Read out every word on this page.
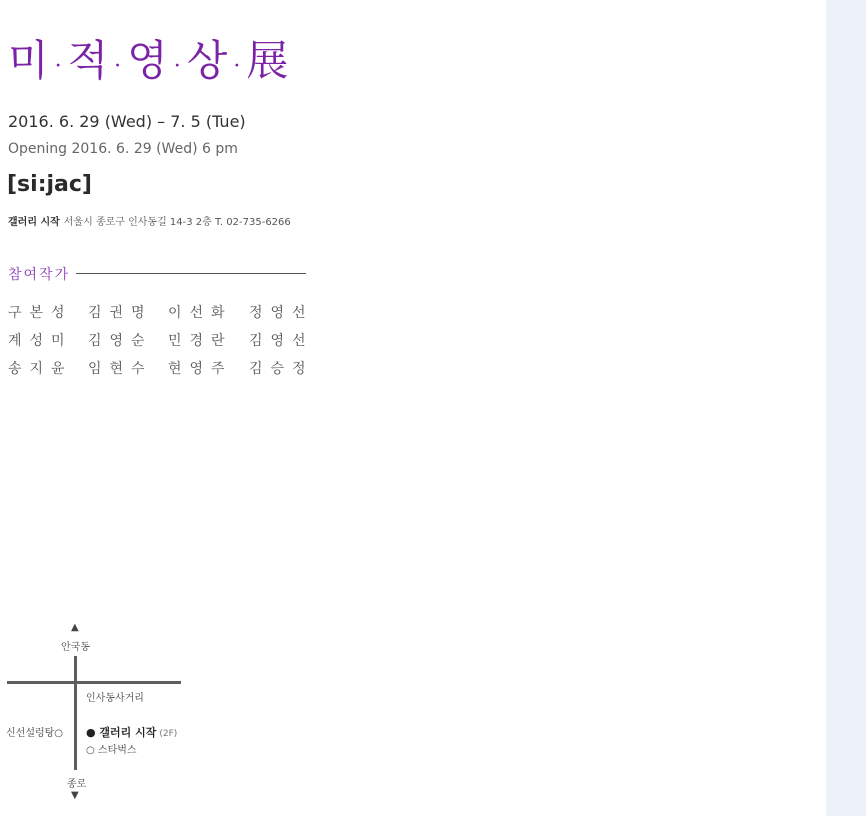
미 · 적 · 영 · 상 · 展
2016. 6. 29 (Wed) – 7. 5 (Tue)
Opening 2016. 6. 29 (Wed) 6 pm
[si:jac]
갤러리 시작 서울시 종로구 인사동길 14-3 2층 T. 02-735-6266
참여작가
구본성 김권명 이선화 정영선
계성미 김영순 민경란 김영선
송지윤 임현수 현영주 김승정
▲
안국동
인사동사거리
신선설렁탕○ ● 갤러리 시작 (2F)
○ 스타벅스
종로
▼
